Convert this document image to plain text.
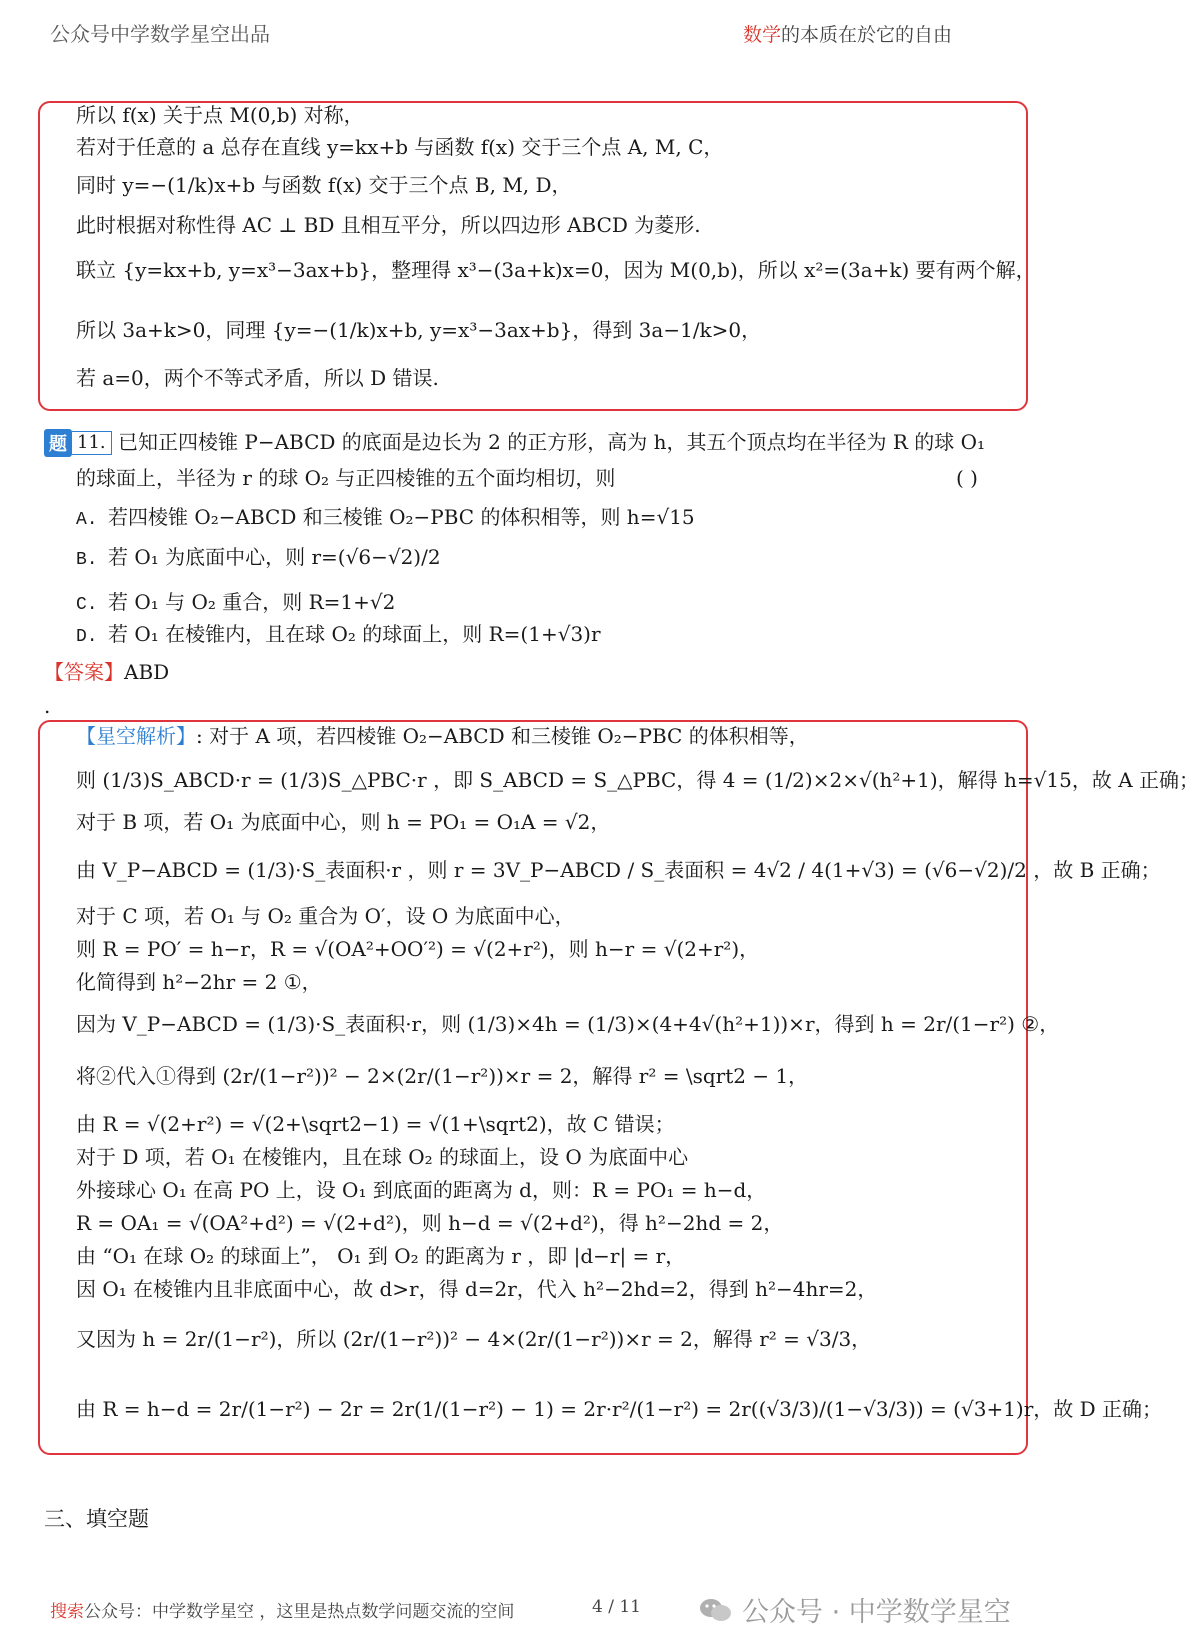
公众号中学数学星空出品	数学的本质在於它的自由
所以 f(x) 关于点 M(0,b) 对称，
若对于任意的 a 总存在直线 y=kx+b 与函数 f(x) 交于三个点 A, M, C，
同时 y=−(1/k)x+b 与函数 f(x) 交于三个点 B, M, D，
此时根据对称性得 AC ⊥ BD 且相互平分，所以四边形 ABCD 为菱形.
联立 {y=kx+b, y=x³−3ax+b}，整理得 x³−(3a+k)x=0，因为 M(0,b)，所以 x²=(3a+k) 要有两个解，
所以 3a+k>0，同理 {y=−(1/k)x+b, y=x³−3ax+b}，得到 3a−1/k>0，
若 a=0，两个不等式矛盾，所以 D 错误.
题 11. 已知正四棱锥 P−ABCD 的底面是边长为 2 的正方形，高为 h，其五个顶点均在半径为 R 的球 O₁
的球面上，半径为 r 的球 O₂ 与正四棱锥的五个面均相切，则	( )
A. 若四棱锥 O₂−ABCD 和三棱锥 O₂−PBC 的体积相等，则 h=√15
B. 若 O₁ 为底面中心，则 r=(√6−√2)/2
C. 若 O₁ 与 O₂ 重合，则 R=1+√2
D. 若 O₁ 在棱锥内，且在球 O₂ 的球面上，则 R=(1+√3)r
【答案】ABD
.
【星空解析】: 对于 A 项，若四棱锥 O₂−ABCD 和三棱锥 O₂−PBC 的体积相等，
则 (1/3)S_ABCD·r = (1/3)S_△PBC·r ，即 S_ABCD = S_△PBC，得 4 = (1/2)×2×√(h²+1)，解得 h=√15，故 A 正确；
对于 B 项，若 O₁ 为底面中心，则 h = PO₁ = O₁A = √2，
由 V_P−ABCD = (1/3)·S_表面积·r ，则 r = 3V_P−ABCD / S_表面积 = 4√2 / 4(1+√3) = (√6−√2)/2 ，故 B 正确；
对于 C 项，若 O₁ 与 O₂ 重合为 O′，设 O 为底面中心，
则 R = PO′ = h−r，R = √(OA²+OO′²) = √(2+r²)，则 h−r = √(2+r²)，
化简得到 h²−2hr = 2 ①，
因为 V_P−ABCD = (1/3)·S_表面积·r，则 (1/3)×4h = (1/3)×(4+4√(h²+1))×r，得到 h = 2r/(1−r²) ②，
将②代入①得到 (2r/(1−r²))² − 2×(2r/(1−r²))×r = 2，解得 r² = \sqrt2 − 1，
由 R = √(2+r²) = √(2+\sqrt2−1) = √(1+\sqrt2)，故 C 错误；
对于 D 项，若 O₁ 在棱锥内，且在球 O₂ 的球面上，设 O 为底面中心
外接球心 O₁ 在高 PO 上，设 O₁ 到底面的距离为 d，则：R = PO₁ = h−d，
R = OA₁ = √(OA²+d²) = √(2+d²)，则 h−d = √(2+d²)，得 h²−2hd = 2，
由 “O₁ 在球 O₂ 的球面上”， O₁ 到 O₂ 的距离为 r ，即 |d−r| = r，
因 O₁ 在棱锥内且非底面中心，故 d>r，得 d=2r，代入 h²−2hd=2，得到 h²−4hr=2，
又因为 h = 2r/(1−r²)，所以 (2r/(1−r²))² − 4×(2r/(1−r²))×r = 2，解得 r² = √3/3，
由 R = h−d = 2r/(1−r²) − 2r = 2r(1/(1−r²) − 1) = 2r·r²/(1−r²) = 2r((√3/3)/(1−√3/3)) = (√3+1)r，故 D 正确；
三、填空题
搜索公众号：中学数学星空 ，这里是热点数学问题交流的空间	4 / 11	公众号 · 中学数学星空
